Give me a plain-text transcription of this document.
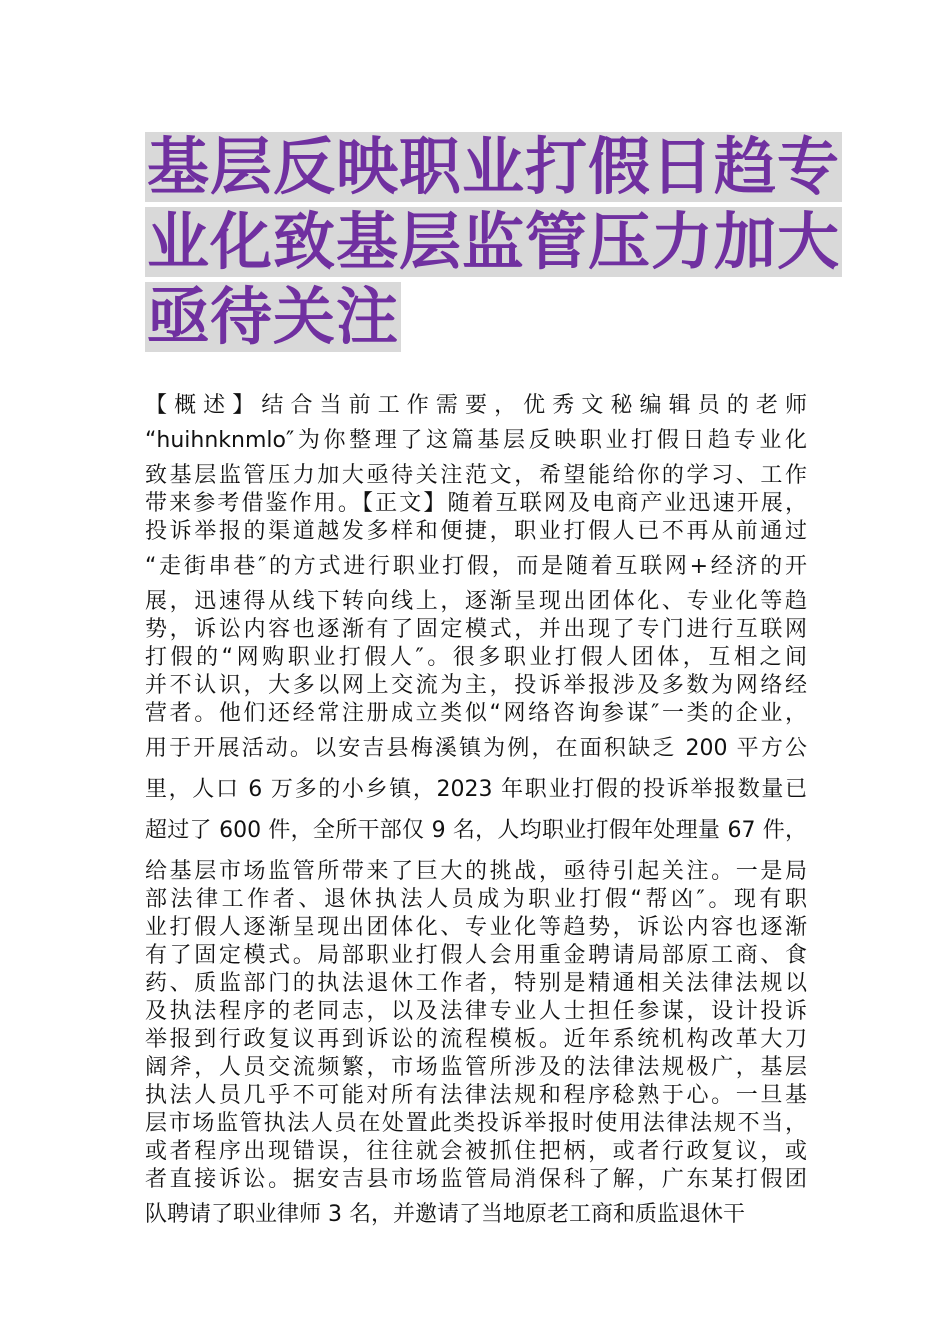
基层反映职业打假日趋专
业化致基层监管压力加大
亟待关注
【概述】结合当前工作需要，优秀文秘编辑员的老师
“huihnknmlo″为你整理了这篇基层反映职业打假日趋专业化
致基层监管压力加大亟待关注范文，希望能给你的学习、工作
带来参考借鉴作用。【正文】随着互联网及电商产业迅速开展，
投诉举报的渠道越发多样和便捷，职业打假人已不再从前通过
“走街串巷″的方式进行职业打假，而是随着互联网+经济的开
展，迅速得从线下转向线上，逐渐呈现出团体化、专业化等趋
势，诉讼内容也逐渐有了固定模式，并出现了专门进行互联网
打假的“网购职业打假人″。很多职业打假人团体，互相之间
并不认识，大多以网上交流为主，投诉举报涉及多数为网络经
营者。他们还经常注册成立类似“网络咨询参谋″一类的企业，
用于开展活动。以安吉县梅溪镇为例，在面积缺乏 200 平方公
里，人口 6 万多的小乡镇，2023 年职业打假的投诉举报数量已
超过了 600 件，全所干部仅 9 名，人均职业打假年处理量 67 件，
给基层市场监管所带来了巨大的挑战，亟待引起关注。一是局
部法律工作者、退休执法人员成为职业打假“帮凶″。现有职
业打假人逐渐呈现出团体化、专业化等趋势，诉讼内容也逐渐
有了固定模式。局部职业打假人会用重金聘请局部原工商、食
药、质监部门的执法退休工作者，特别是精通相关法律法规以
及执法程序的老同志，以及法律专业人士担任参谋，设计投诉
举报到行政复议再到诉讼的流程模板。近年系统机构改革大刀
阔斧，人员交流频繁，市场监管所涉及的法律法规极广，基层
执法人员几乎不可能对所有法律法规和程序稔熟于心。一旦基
层市场监管执法人员在处置此类投诉举报时使用法律法规不当，
或者程序出现错误，往往就会被抓住把柄，或者行政复议，或
者直接诉讼。据安吉县市场监管局消保科了解，广东某打假团
队聘请了职业律师 3 名，并邀请了当地原老工商和质监退休干
